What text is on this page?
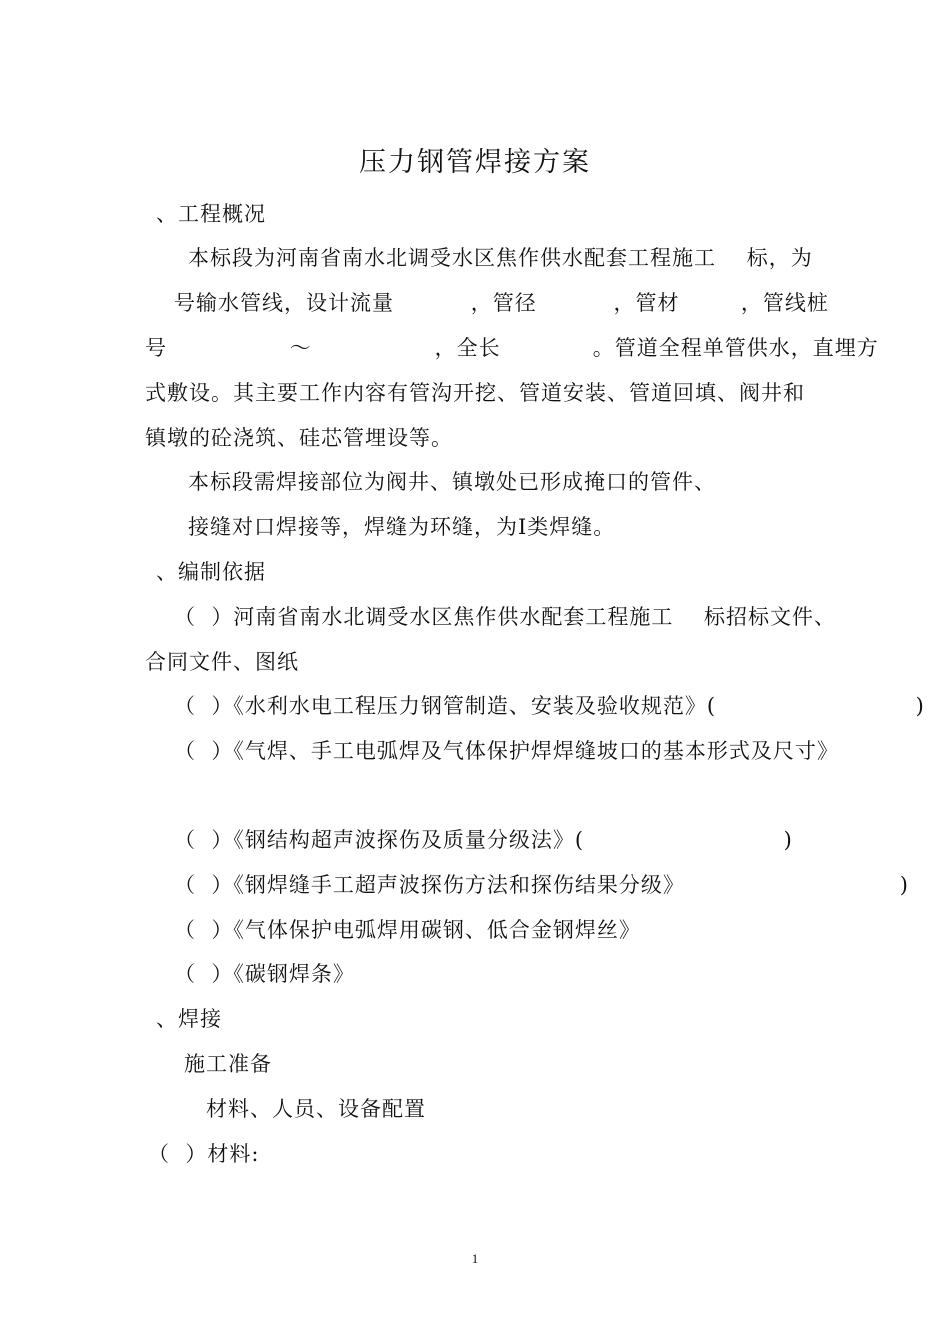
压力钢管焊接方案
、工程概况
本标段为河南省南水北调受水区焦作供水配套工程施工    标，为
号输水管线，设计流量          ，管径          ，管材        ，管线桩
号                ～                ，全长            。管道全程单管供水，直埋方
式敷设。其主要工作内容有管沟开挖、管道安装、管道回填、阀井和
镇墩的砼浇筑、硅芯管埋设等。
本标段需焊接部位为阀井、镇墩处已形成掩口的管件、
接缝对口焊接等，焊缝为环缝，为Ⅰ类焊缝。
、编制依据
（  ）河南省南水北调受水区焦作供水配套工程施工    标招标文件、
合同文件、图纸
（  ）《水利水电工程压力钢管制造、安装及验收规范》(                          )
（  ）《气焊、手工电弧焊及气体保护焊焊缝坡口的基本形式及尺寸》
（  ）《钢结构超声波探伤及质量分级法》(                          )
（  ）《钢焊缝手工超声波探伤方法和探伤结果分级》                            )
（  ）《气体保护电弧焊用碳钢、低合金钢焊丝》
（  ）《碳钢焊条》
、焊接
施工准备
材料、人员、设备配置
（  ）材料:
1
